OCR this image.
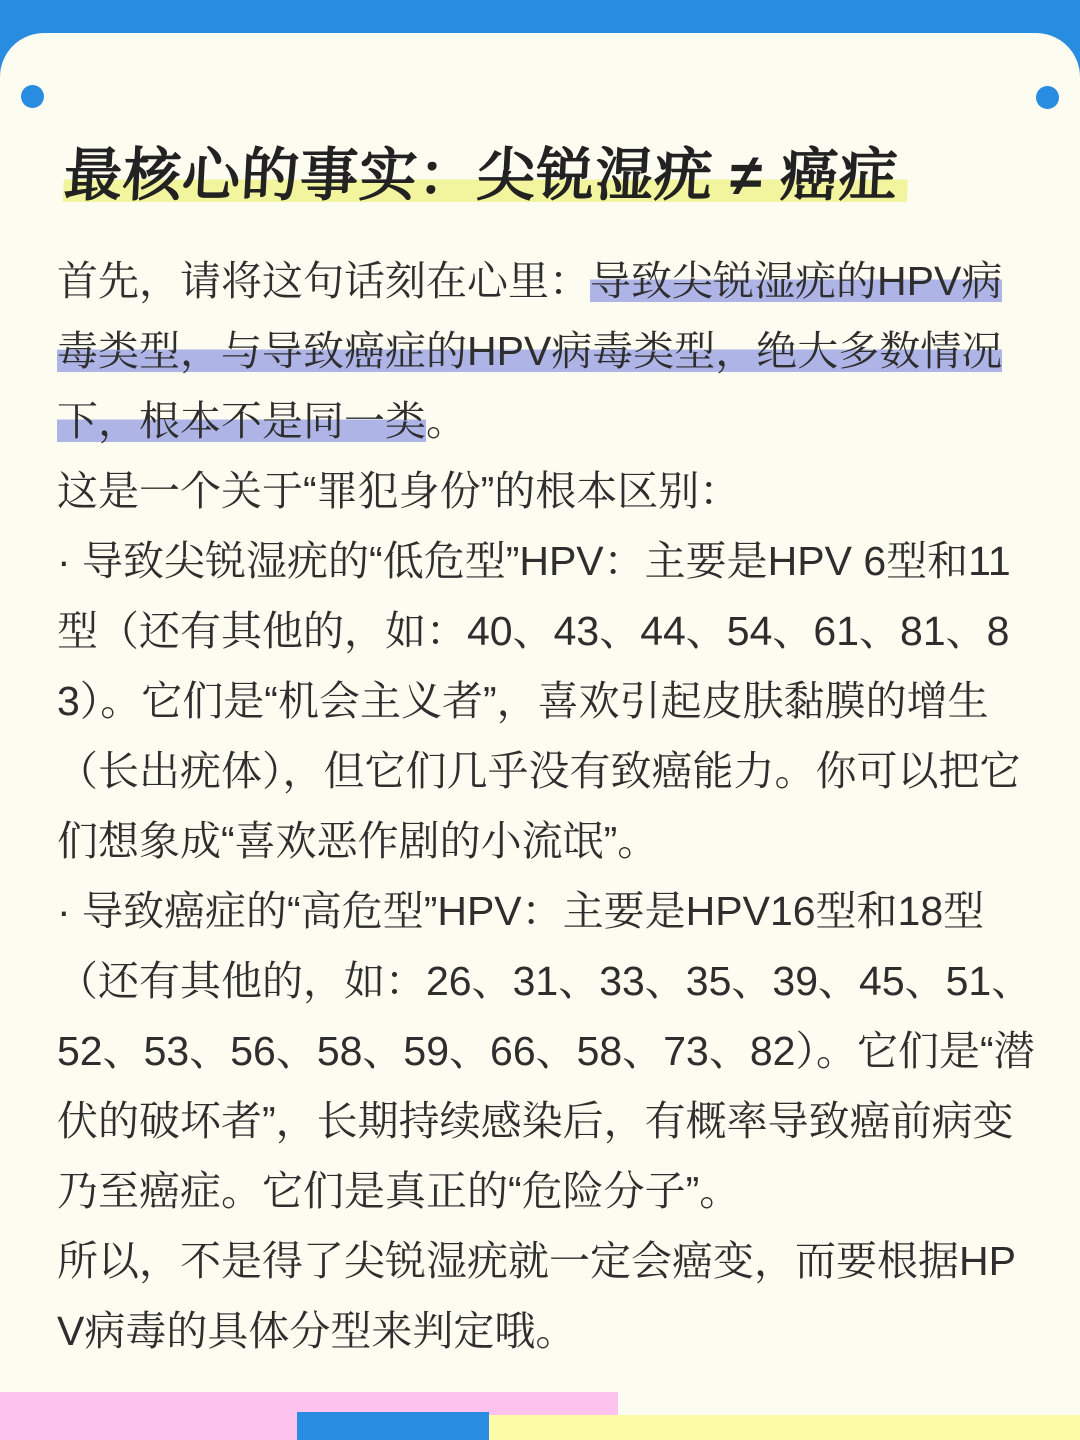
最核心的事实：尖锐湿疣 ≠ 癌症

首先，请将这句话刻在心里：导致尖锐湿疣的HPV病毒类型，与导致癌症的HPV病毒类型，绝大多数情况下，根本不是同一类。

这是一个关于“罪犯身份”的根本区别：

· 导致尖锐湿疣的“低危型”HPV：主要是HPV 6型和11型（还有其他的，如：40、43、44、54、61、81、83）。它们是“机会主义者”，喜欢引起皮肤黏膜的增生（长出疣体），但它们几乎没有致癌能力。你可以把它们想象成“喜欢恶作剧的小流氓”。

· 导致癌症的“高危型”HPV：主要是HPV16型和18型（还有其他的，如：26、31、33、35、39、45、51、52、53、56、58、59、66、58、73、82）。它们是“潜伏的破坏者”，长期持续感染后，有概率导致癌前病变乃至癌症。它们是真正的“危险分子”。

所以，不是得了尖锐湿疣就一定会癌变，而要根据HPV病毒的具体分型来判定哦。
